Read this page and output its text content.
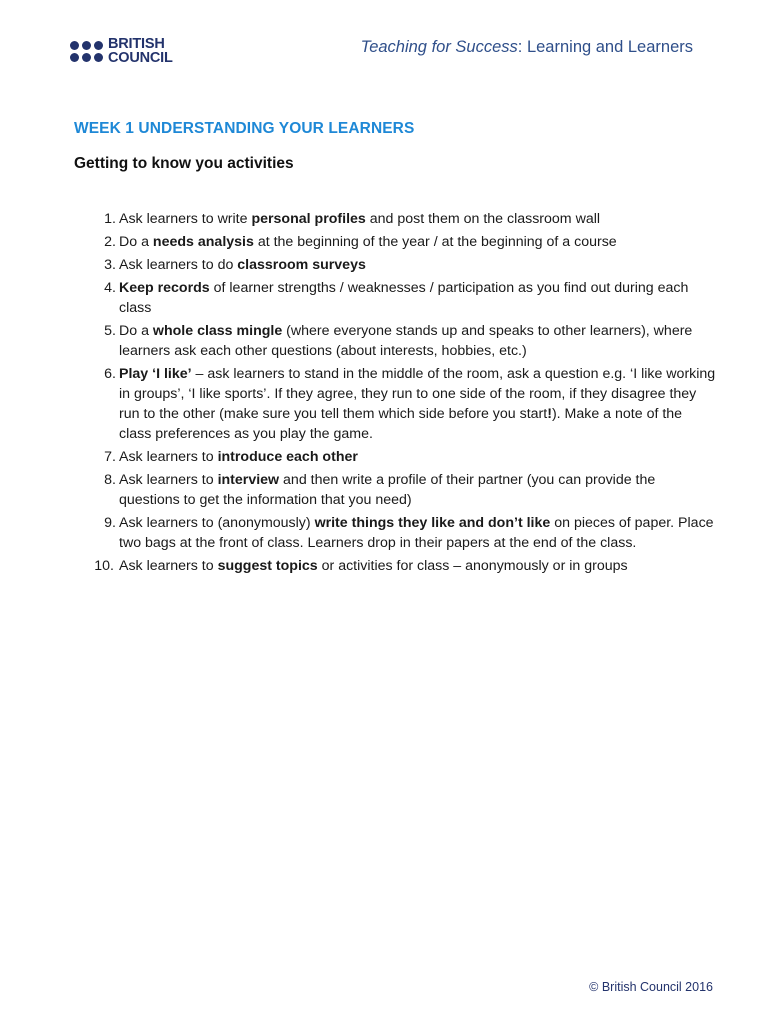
BRITISH
COUNCIL
Teaching for Success: Learning and Learners
WEEK 1 UNDERSTANDING YOUR LEARNERS
Getting to know you activities
1. Ask learners to write personal profiles and post them on the classroom wall
2. Do a needs analysis at the beginning of the year / at the beginning of a course
3. Ask learners to do classroom surveys
4. Keep records of learner strengths / weaknesses / participation as you find out during each class
5. Do a whole class mingle (where everyone stands up and speaks to other learners), where learners ask each other questions (about interests, hobbies, etc.)
6. Play ‘I like’ – ask learners to stand in the middle of the room, ask a question e.g. ‘I like working in groups’, ‘I like sports’. If they agree, they run to one side of the room, if they disagree they run to the other (make sure you tell them which side before you start!). Make a note of the class preferences as you play the game.
7. Ask learners to introduce each other
8. Ask learners to interview and then write a profile of their partner (you can provide the questions to get the information that you need)
9. Ask learners to (anonymously) write things they like and don’t like on pieces of paper. Place two bags at the front of class. Learners drop in their papers at the end of the class.
10. Ask learners to suggest topics or activities for class – anonymously or in groups
© British Council 2016
